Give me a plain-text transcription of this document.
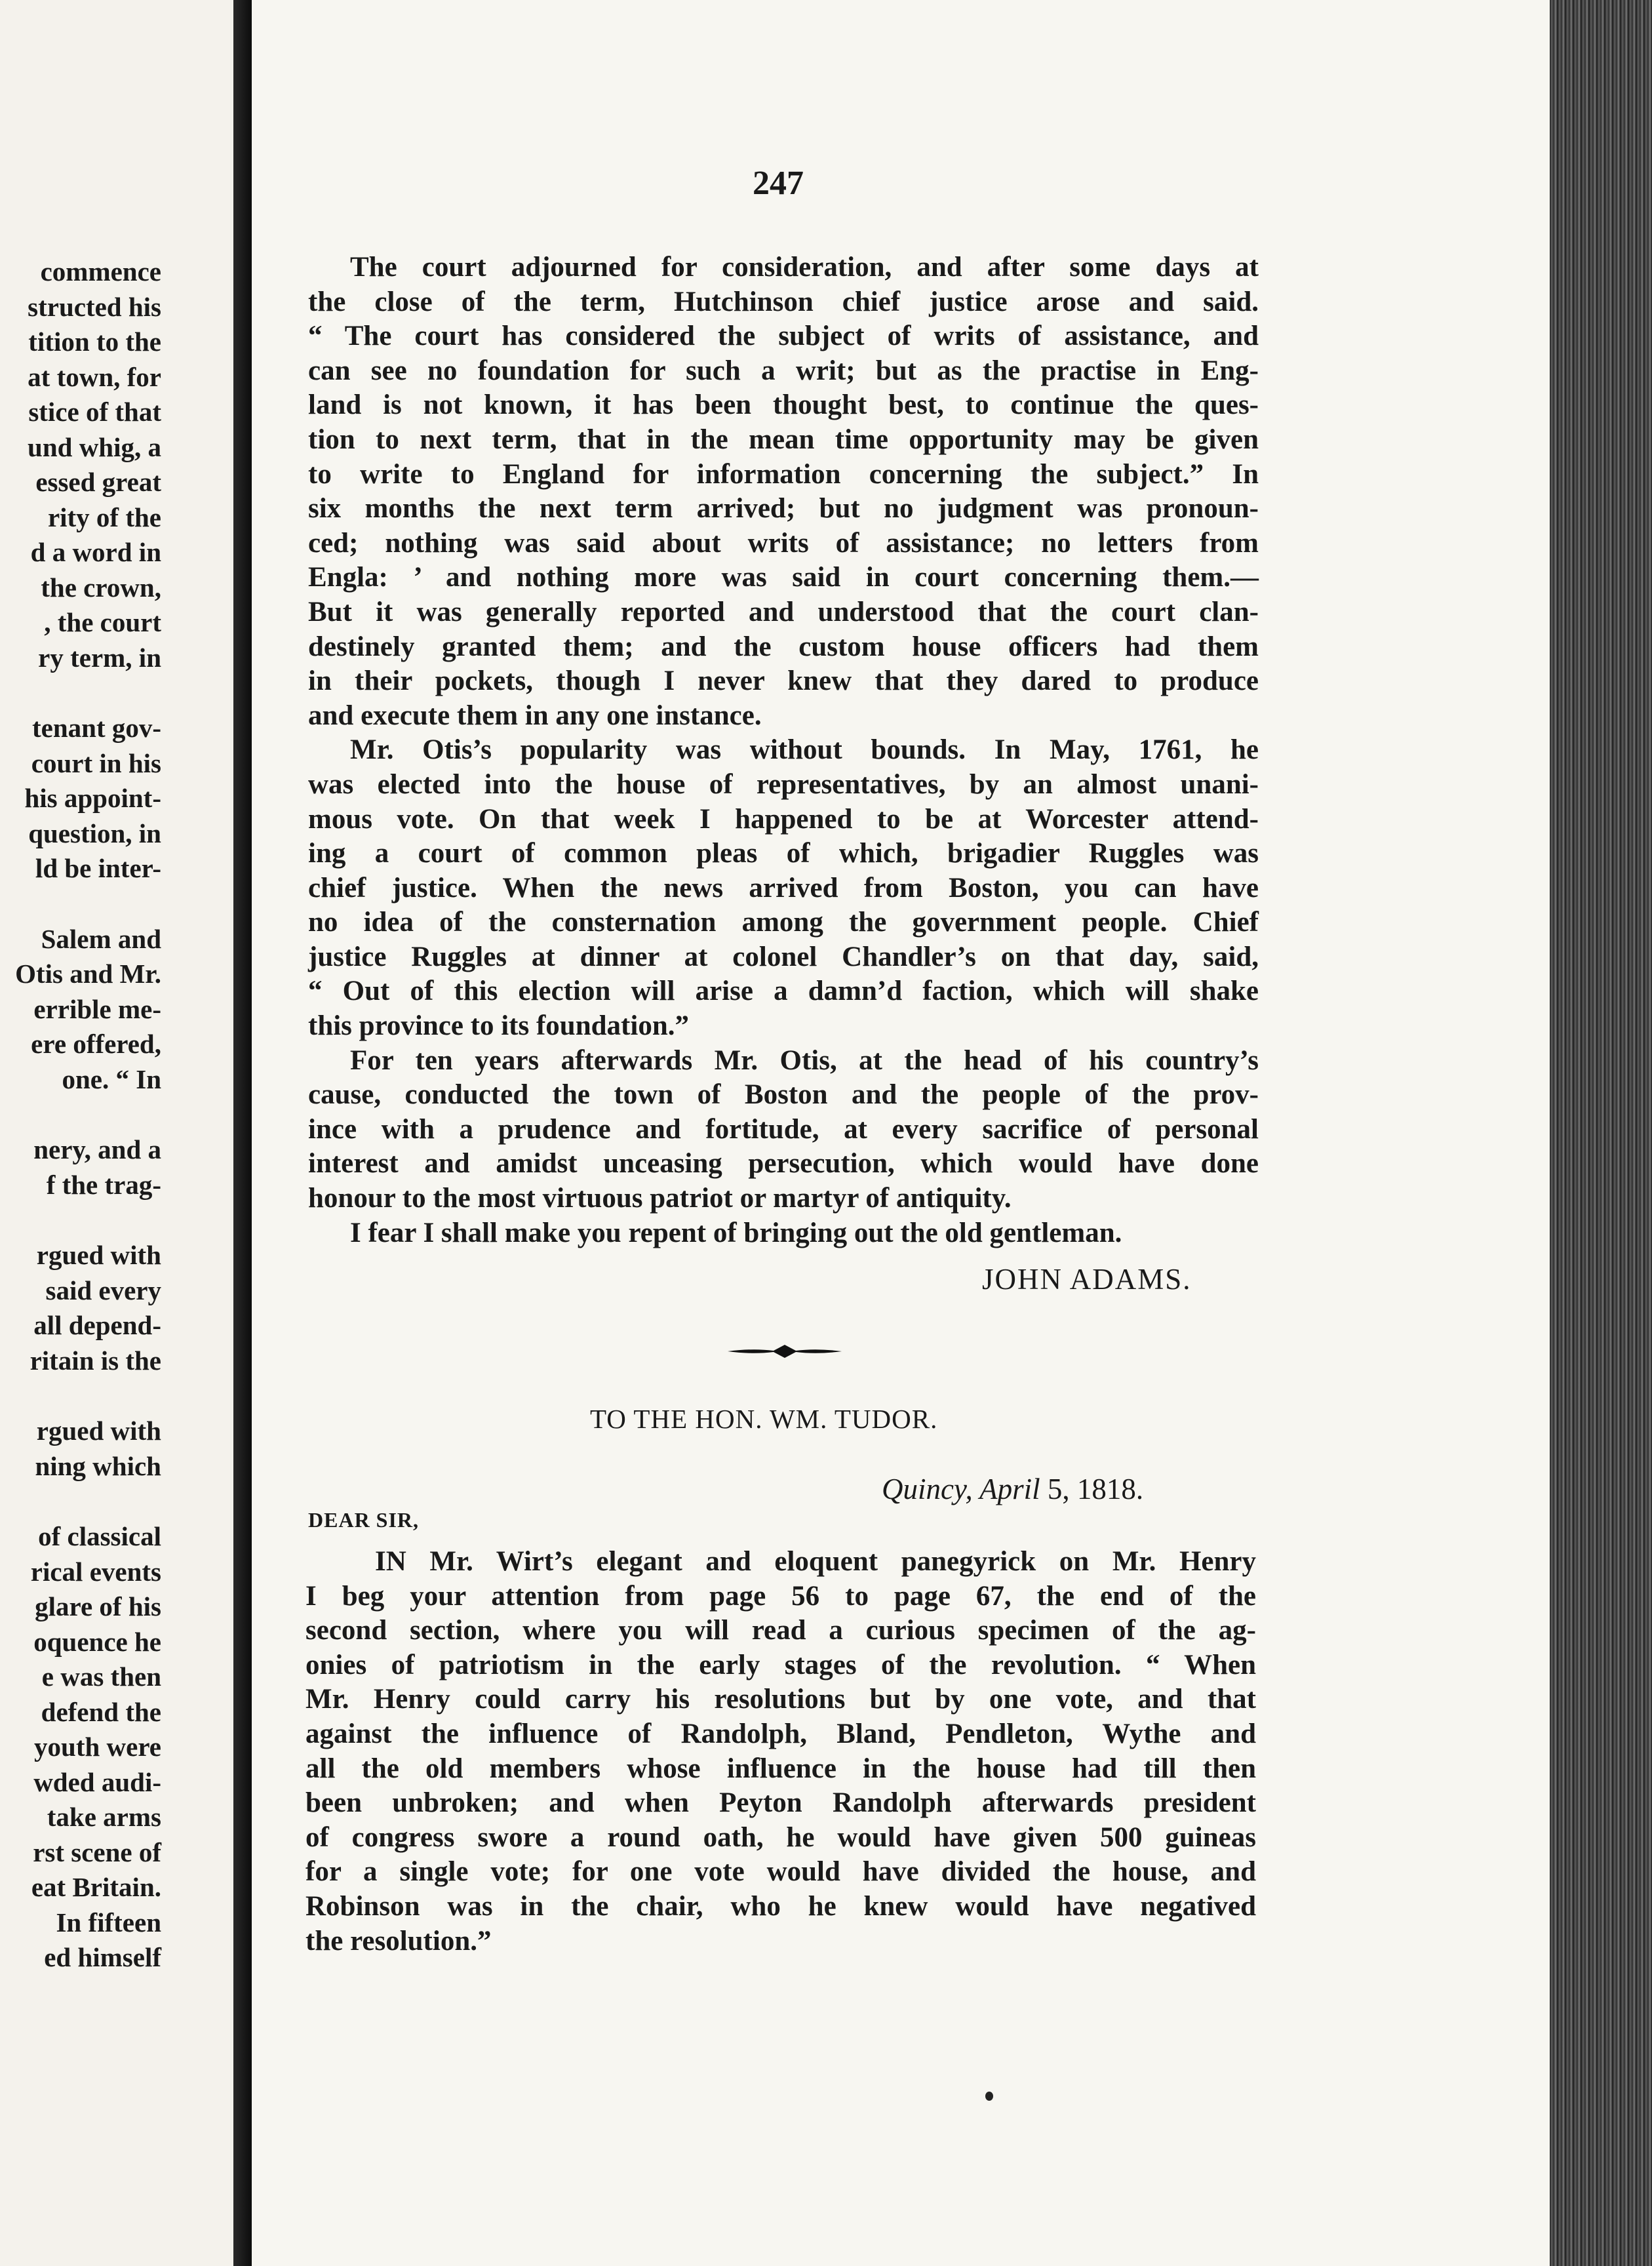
commence
structed his
tition to the
at town, for
stice of that
und whig, a
essed great
rity of the
d a word in
the crown,
, the court
ry term, in
tenant gov-
court in his
his appoint-
question, in
ld be inter-
Salem and
Otis and Mr.
errible me-
ere offered,
one. “ In
nery, and a
f the trag-
rgued with
said every
all depend-
ritain is the
rgued with
ning which
of classical
rical events
glare of his
oquence he
e was then
defend the
youth were
wded audi-
take arms
rst scene of
eat Britain.
In fifteen
ed himself
247
The court adjourned for consideration, and after some days at
the close of the term, Hutchinson chief justice arose and said.
“ The court has considered the subject of writs of assistance, and
can see no foundation for such a writ; but as the practise in Eng-
land is not known, it has been thought best, to continue the ques-
tion to next term, that in the mean time opportunity may be given
to write to England for information concerning the subject.” In
six months the next term arrived; but no judgment was pronoun-
ced; nothing was said about writs of assistance; no letters from
Engla: ’ and nothing more was said in court concerning them.—
But it was generally reported and understood that the court clan-
destinely granted them; and the custom house officers had them
in their pockets, though I never knew that they dared to produce
and execute them in any one instance.
Mr. Otis’s popularity was without bounds. In May, 1761, he
was elected into the house of representatives, by an almost unani-
mous vote. On that week I happened to be at Worcester attend-
ing a court of common pleas of which, brigadier Ruggles was
chief justice. When the news arrived from Boston, you can have
no idea of the consternation among the government people. Chief
justice Ruggles at dinner at colonel Chandler’s on that day, said,
“ Out of this election will arise a damn’d faction, which will shake
this province to its foundation.”
For ten years afterwards Mr. Otis, at the head of his country’s
cause, conducted the town of Boston and the people of the prov-
ince with a prudence and fortitude, at every sacrifice of personal
interest and amidst unceasing persecution, which would have done
honour to the most virtuous patriot or martyr of antiquity.
I fear I shall make you repent of bringing out the old gentleman.
JOHN ADAMS.
TO THE HON. WM. TUDOR.
Quincy, April 5, 1818.
DEAR SIR,
IN Mr. Wirt’s elegant and eloquent panegyrick on Mr. Henry
I beg your attention from page 56 to page 67, the end of the
second section, where you will read a curious specimen of the ag-
onies of patriotism in the early stages of the revolution. “ When
Mr. Henry could carry his resolutions but by one vote, and that
against the influence of Randolph, Bland, Pendleton, Wythe and
all the old members whose influence in the house had till then
been unbroken; and when Peyton Randolph afterwards president
of congress swore a round oath, he would have given 500 guineas
for a single vote; for one vote would have divided the house, and
Robinson was in the chair, who he knew would have negatived
the resolution.”
